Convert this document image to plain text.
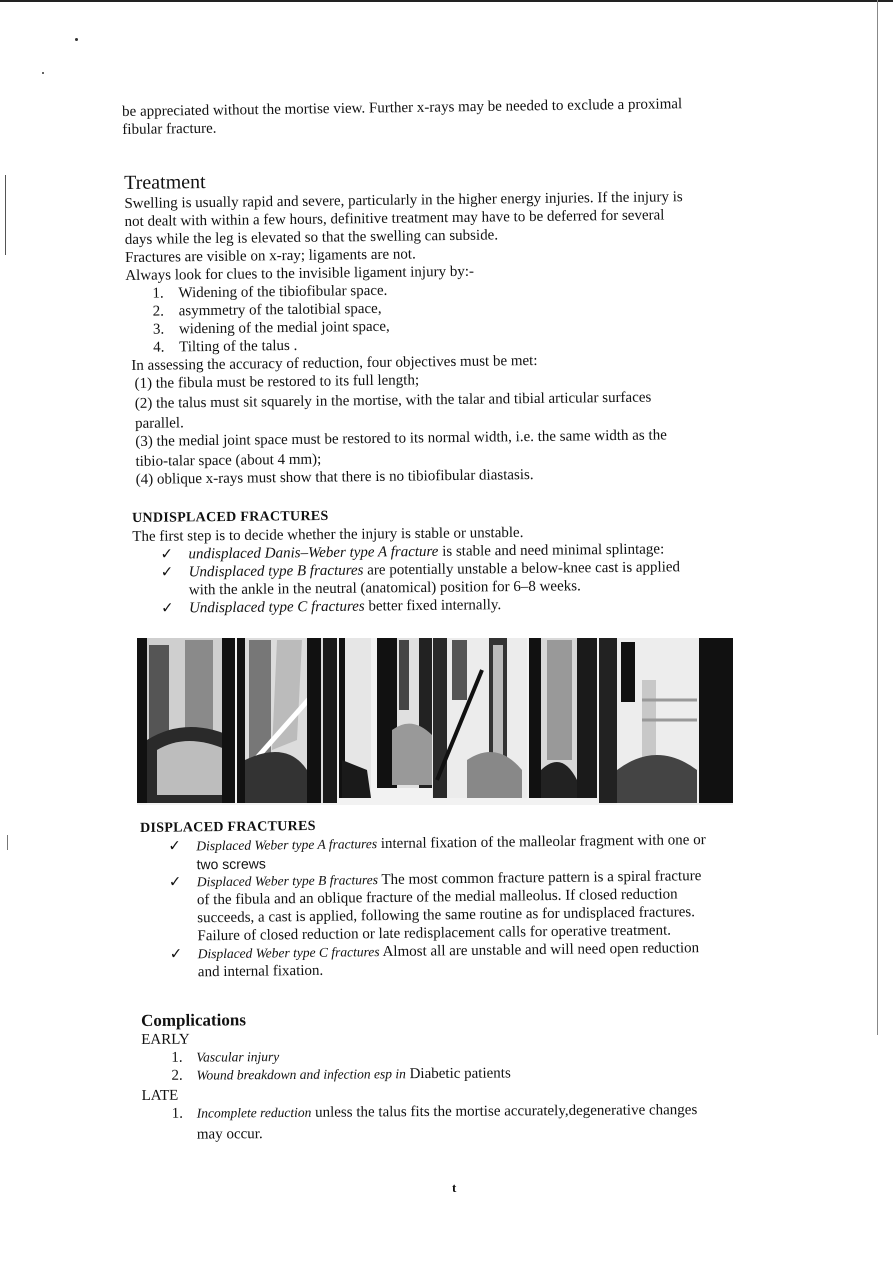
be appreciated without the mortise view. Further x-rays may be needed to exclude a proximal
fibular fracture.
Treatment
Swelling is usually rapid and severe, particularly in the higher energy injuries. If the injury is
not dealt with within a few hours, definitive treatment may have to be deferred for several
days while the leg is elevated so that the swelling can subside.
Fractures are visible on x-ray; ligaments are not.
Always look for clues to the invisible ligament injury by:-
1. Widening of the tibiofibular space.
2. asymmetry of the talotibial space,
3. widening of the medial joint space,
4. Tilting of the talus .
In assessing the accuracy of reduction, four objectives must be met:
(1) the fibula must be restored to its full length;
(2) the talus must sit squarely in the mortise, with the talar and tibial articular surfaces
parallel.
(3) the medial joint space must be restored to its normal width, i.e. the same width as the
tibio-talar space (about 4 mm);
(4) oblique x-rays must show that there is no tibiofibular diastasis.
UNDISPLACED FRACTURES
The first step is to decide whether the injury is stable or unstable.
✓ undisplaced Danis–Weber type A fracture is stable and need minimal splintage:
✓ Undisplaced type B fractures are potentially unstable a below-knee cast is applied
with the ankle in the neutral (anatomical) position for 6–8 weeks.
✓ Undisplaced type C fractures better fixed internally.
DISPLACED FRACTURES
✓ Displaced Weber type A fractures internal fixation of the malleolar fragment with one or
two screws
✓ Displaced Weber type B fractures The most common fracture pattern is a spiral fracture
of the fibula and an oblique fracture of the medial malleolus. If closed reduction
succeeds, a cast is applied, following the same routine as for undisplaced fractures.
Failure of closed reduction or late redisplacement calls for operative treatment.
✓ Displaced Weber type C fractures Almost all are unstable and will need open reduction
and internal fixation.
Complications
EARLY
1. Vascular injury
2. Wound breakdown and infection esp in Diabetic patients
LATE
1. Incomplete reduction unless the talus fits the mortise accurately,degenerative changes
may occur.
t
